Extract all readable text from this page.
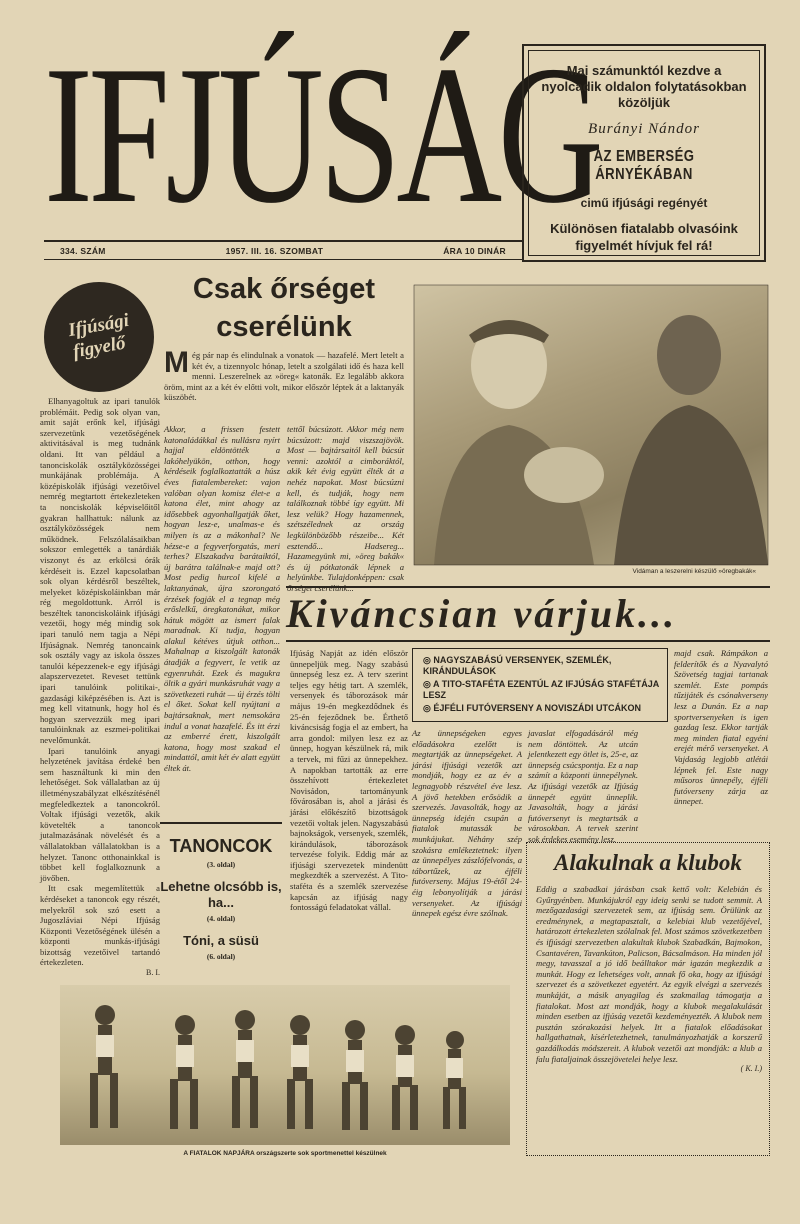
IFJÚSÁG
334. SZÁM	1957. III. 16. SZOMBAT	ÁRA 10 DINÁR
Mai számunktól kezdve a nyolcadik oldalon folytatásokban közöljük
Burányi Nándor
AZ EMBERSÉG ÁRNYÉKÁBAN
cimű ifjúsági regényét
Különösen fiatalabb olvasóink figyelmét hívjuk fel rá!
Ifjúsági
figyelő

Elhanyagoltuk az ipari tanulók problémáit. Pedig sok olyan van, amit saját erőnk kel, ifjúsági szervezetünk vezetőségének aktivitásával is meg tudnánk oldani. Itt van például a tanonciskolák osztályközösségei munkájának problémája. A középiskolák ifjúsági vezetőivel nemrég megtartott értekezleteken ta nonciskolák képviselőitől gyakran hallhattuk: nálunk az osztályközösségek nem működnek. Felszólalásaikban sokszor emlegették a tanárdiák viszonyt és az erkölcsi órák kérdéseit is. Ezzel kapcsolatban sok olyan kérdésről beszéltek, melyeket középiskoláinkban már rég megoldottunk. Arról is beszéltek tanonciskoláink ifjúsági vezetői, hogy még mindig sok ipari tanuló nem tagja a Népi Ifjúságnak. Nemrég tanoncaink sok osztály vagy az iskola összes tanulói képezzenek-e egy ifjúsági alapszervezetet. Reveset tettünk ipari tanulóink politikai-, gazdasági kiképzésében is. Azt is meg kell vitatnunk, hogy hol és hogyan szervezzük meg ipari tanulóinknak az eszmei-politikai nevelőmunkát.

Ipari tanulóink anyagi helyzetének javítása érdeké ben sem használtunk ki min den lehetőséget. Sok vállalatban az új illetményszabályzat elkészítésénél megfeledkeztek a tanoncokról. Voltak ifjúsági vezetők, akik követelték a tanoncok jutalmazásának növelését és a vállalatokban vállalatokban is a helyzet. Tanonc otthonainkkal is többet kell foglalkoznunk a jövőben.

Itt csak megemlítettük a kérdéseket a tanoncok egy részét, melyekről sok szó esett a Jugoszláviai Népi Ifjúság Központi Vezetőségének ülésén a központi munkás-ifjúsági bizottság vezetőivel tartandó értekezleten.

B. I.
Csak őrséget
cserélünk
Még pár nap és elindulnak a vonatok — hazafelé. Mert letelt a két év, a tizennyolc hónap, letelt a szolgálati idő és haza kell menni. Leszerelnek az »öreg« katonák. Ez legalább akkora öröm, mint az a két év előtti volt, mikor először léptek át a laktanyák küszöbét.
Akkor, a frissen festett katonaládákkal és nullásra nyírt hajjal eldöntötték a lakóhelyükön, otthon, hogy kérdéseik foglalkoztatták a húsz éves fiatalembereket: vajon valóban olyan komisz élet-e a katona élet, mint ahogy az idősebbek agyonhallgatják őket, hogyan lesz-e, unalmas-e és milyen is az a mákonhal? Ne hézse-e a fegyverforgatás, meri terhes? Elszakadva barátaiktól, új barátra találnak-e majd ott? Most pedig hurcol kifelé a laktanyának, újra szorongató érzések fogják el a tegnap még erőslelkű, öregkatonákat, mikor hátuk mögött az ismert falak maradnak. Ki tudja, hogyan alakul kétéves útjuk otthon... Mahalnap a kiszolgált katonák átadják a fegyvert, le vetik az egyenruhát. Ezek és magukra öltik a gyári munkásruhát vagy a szövetkezeti ruhát — új érzés tölti el őket. Sokat kell nyújtani a bajtársaknak, mert nemsokára indul a vonat hazafelé. És itt érzi az emberré érett, kiszolgált katona, hogy most szakad el mindattól, amit két év alatt együtt éltek át.
tettől búcsúzott. Akkor még nem búcsúzott: majd viszszajövök. Most — bajtársaitól kell búcsút venni: azoktól a cimboráktól, akik két évig együtt élték át a nehéz napokat. Most búcsúzni kell, és tudják, hogy nem találkoznak többé így együtt. Mi lesz velük? Hogy hazamennek, szétszélednek az ország legkülönbözőbb részeibe... Két esztendő... Hadsereg... Hazamegyünk mi, »öreg bakák« és új pótkatonák lépnek a helyünkbe. Tulajdonképpen: csak
Vidáman a leszerelni készülő »öregbakák«
Kiváncsian várjuk...
Ifjúság Napját az idén először ünnepeljük meg. Nagy szabású ünnepség lesz ez. A terv szerint teljes egy hétig tart. A szemlék, versenyek és táborozások már május 19-én megkezdődnek és 25-én fejeződnek be. Érthető kiváncsiság fogja el az embert, ha arra gondol: milyen lesz ez az ünnep, hogyan készülnek rá, mik a tervek, mi fűzi az ünnepekhez. A napokban tartották az erre összehívott értekezletet Novisádon, tartományunk fővárosában is, ahol a járási és járási előkészítő bizottságok vezetői voltak jelen. Nagyszabású bajnokságok, versenyek, szemlék, kirándulások, táborozások tervezése folyik. Eddig már az ifjúsági szervezetek mindenütt megkezdték a szervezést. A Tito-staféta és a szemlék szervezése kapcsán az ifjúság nagy fontosságú feladatokat vállal.
◎ NAGYSZABÁSÚ VERSENYEK, SZEMLÉK, KIRÁNDULÁSOK
◎ A TITO-STAFÉTA EZENTÚL AZ IFJÚSÁG STAFÉTÁJA LESZ
◎ ÉJFÉLI FUTÓVERSENY A NOVISZÁDI UTCÁKON
Az ünnepségeken egyes előadásokra ezelőtt is megtartják az ünnepségeket. A járási ifjúsági vezetők azt mondják, hogy ez az év a legnagyobb részvétel éve lesz. A jövő hetekben erősödik a szervezés. Javasolták, hogy az ünnepség idején csupán a fiatalok mutassák be munkájukat. Néhány szép szokásra emlékeztetnek: ilyen az ünnepélyes zászlófelvonás, a tábortűzek, az éjféli futóverseny. Május 19-étől 24-éig lebonyolítják a járási versenyeket. Az ifjúsági ünnepek egész évre szólnak.
javaslat elfogadásáról még nem döntöttek. Az utcán jelentkezett egy ötlet is, 25-e, az ünnepség csúcspontja. Ez a nap számít a központi ünnepélynek. Az ifjúsági vezetők az Ifjúság ünnepét együtt ünneplik. Javasolták, hogy a járási futóversenyt is megtartsák a városokban. A tervek szerint sok érdekes esemény lesz.
majd csak. Rámpákon a felderítők és a Nyavalytó Szövetség tagjai tartanak szemlét. Este pompás tűzijáték és csónakverseny lesz a Dunán. Ez a nap sportversenyeken is igen gazdag lesz. Ekkor tartják meg minden fiatal egyéni erejét mérő versenyeket. A Vajdaság legjobb atlétái lépnek fel. Este nagy műsoros ünnepély, éjféli futóverseny zárja az ünnepet.
Alakulnak a klubok

Eddig a szabadkai járásban csak kettő volt: Kelebián és Gyűrgyénben. Munkájukról egy ideig senki se tudott semmit. A mezőgazdasági szervezetek sem, az ifjúság sem. Örülünk az eredménynek, a megtapasztalt, a kelebiai klub vezetőjével, határozott értekezleten szólalnak fel. Most számos szövetkezetben és ifjúsági szervezetben alakultak klubok Szabadkán, Bajmokon, Csantavéren, Tavankúton, Palicson, Bácsalmáson. Ha minden jól megy, tavasszal a jó idő beálltakor már igazán megkezdik a munkát. Hogy ez lehetséges volt, annak fő oka, hogy az ifjúsági szervezet és a szövetkezet egyetért. Az egyik elvégzi a szervezés munkáját, a másik anyagilag és szakmailag támogatja a fiatalokat. Most azt mondják, hogy a klubok megalakulását minden esetben az ifjúság vezetői kezdeményezték. A klubok nem pusztán szórakozási helyek. Itt a fiatalok előadásokat hallgathatnak, kísérletezhetnek, tanulmányozhatják a korszerű gazdálkodás módszereit. A klubok vezetői azt mondják: a klub a falu fiataljainak összejövetelei helye lesz.

( K. I.)
TANONCOK
(3. oldal)
Lehetne olcsóbb is, ha...
(4. oldal)
Tóni, a süsü
(6. oldal)
A FIATALOK NAPJÁRA országszerte sok sportmenettel készülnek
